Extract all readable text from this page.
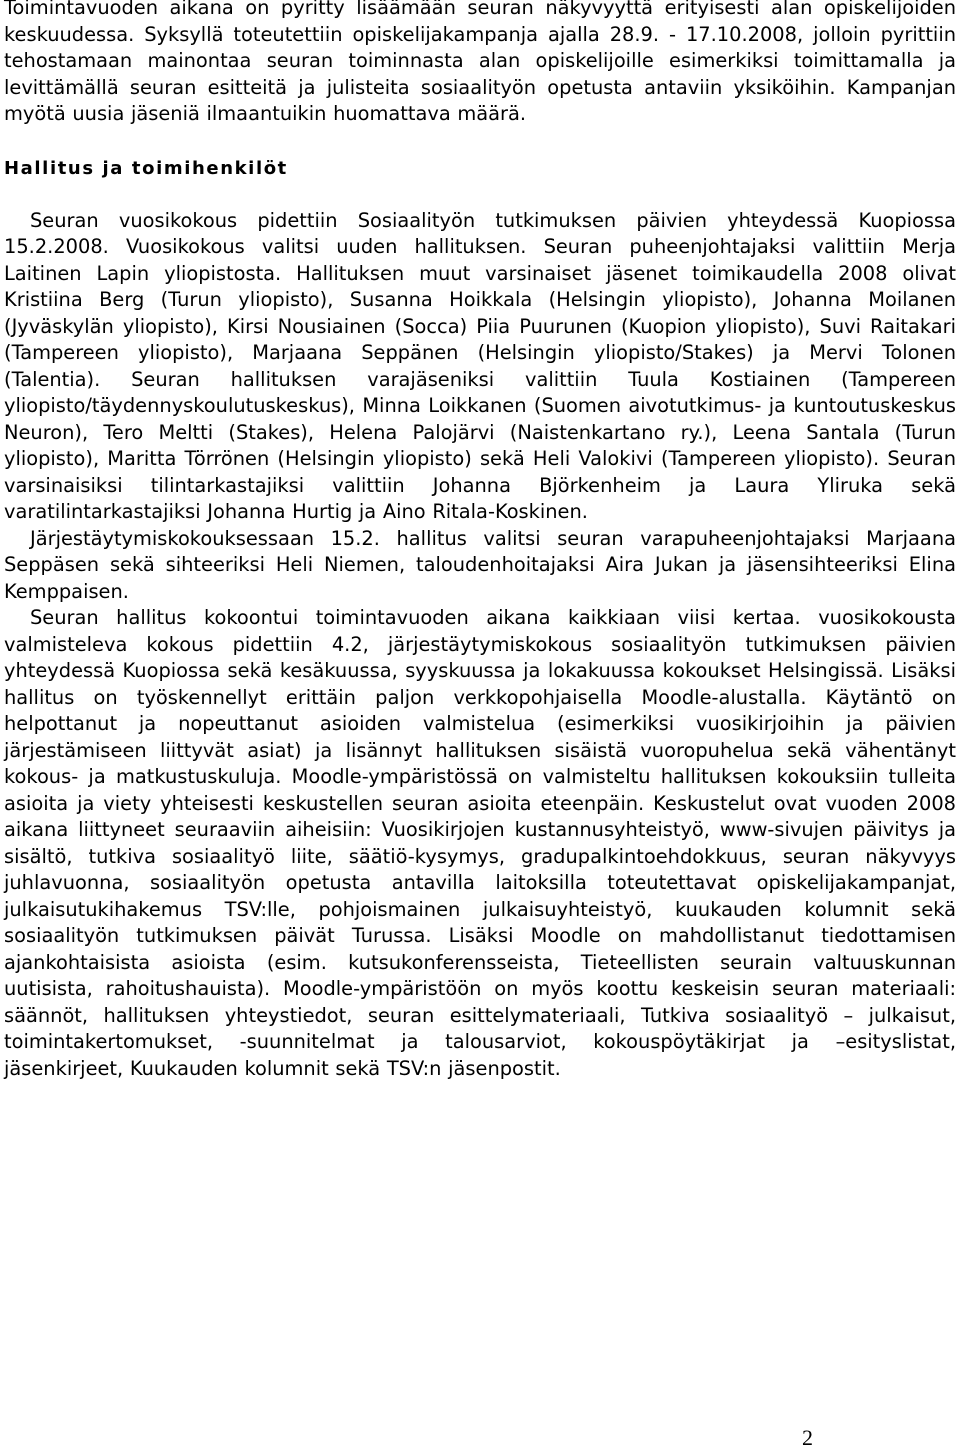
Toimintavuoden aikana on pyritty lisäämään seuran näkyvyyttä erityisesti alan opiskelijoiden keskuudessa. Syksyllä toteutettiin opiskelijakampanja ajalla 28.9. - 17.10.2008, jolloin pyrittiin tehostamaan mainontaa seuran toiminnasta alan opiskelijoille esimerkiksi toimittamalla ja levittämällä seuran esitteitä ja julisteita sosiaalityön opetusta antaviin yksiköihin. Kampanjan myötä uusia jäseniä ilmaantuikin huomattava määrä.

Hallitus ja toimihenkilöt

Seuran vuosikokous pidettiin Sosiaalityön tutkimuksen päivien yhteydessä Kuopiossa 15.2.2008. Vuosikokous valitsi uuden hallituksen. Seuran puheenjohtajaksi valittiin Merja Laitinen Lapin yliopistosta. Hallituksen muut varsinaiset jäsenet toimikaudella 2008 olivat Kristiina Berg (Turun yliopisto), Susanna Hoikkala (Helsingin yliopisto), Johanna Moilanen (Jyväskylän yliopisto), Kirsi Nousiainen (Socca) Piia Puurunen (Kuopion yliopisto), Suvi Raitakari (Tampereen yliopisto), Marjaana Seppänen (Helsingin yliopisto/Stakes) ja Mervi Tolonen (Talentia). Seuran hallituksen varajäseniksi valittiin Tuula Kostiainen (Tampereen yliopisto/täydennyskoulutuskeskus), Minna Loikkanen (Suomen aivotutkimus- ja kuntoutuskeskus Neuron), Tero Meltti (Stakes), Helena Palojärvi (Naistenkartano ry.), Leena Santala (Turun yliopisto), Maritta Törrönen (Helsingin yliopisto) sekä Heli Valokivi (Tampereen yliopisto). Seuran varsinaisiksi tilintarkastajiksi valittiin Johanna Björkenheim ja Laura Yliruka sekä varatilintarkastajiksi Johanna Hurtig ja Aino Ritala-Koskinen.

Järjestäytymiskokouksessaan 15.2. hallitus valitsi seuran varapuheenjohtajaksi Marjaana Seppäsen sekä sihteeriksi Heli Niemen, taloudenhoitajaksi Aira Jukan ja jäsensihteeriksi Elina Kemppaisen.

Seuran hallitus kokoontui toimintavuoden aikana kaikkiaan viisi kertaa. vuosikokousta valmisteleva kokous pidettiin 4.2, järjestäytymiskokous sosiaalityön tutkimuksen päivien yhteydessä Kuopiossa sekä kesäkuussa, syyskuussa ja lokakuussa kokoukset Helsingissä. Lisäksi hallitus on työskennellyt erittäin paljon verkkopohjaisella Moodle-alustalla. Käytäntö on helpottanut ja nopeuttanut asioiden valmistelua (esimerkiksi vuosikirjoihin ja päivien järjestämiseen liittyvät asiat) ja lisännyt hallituksen sisäistä vuoropuhelua sekä vähentänyt kokous- ja matkustuskuluja. Moodle-ympäristössä on valmisteltu hallituksen kokouksiin tulleita asioita ja viety yhteisesti keskustellen seuran asioita eteenpäin. Keskustelut ovat vuoden 2008 aikana liittyneet seuraaviin aiheisiin: Vuosikirjojen kustannusyhteistyö, www-sivujen päivitys ja sisältö, tutkiva sosiaalityö liite, säätiö-kysymys, gradupalkintoehdokkuus, seuran näkyvyys juhlavuonna, sosiaalityön opetusta antavilla laitoksilla toteutettavat opiskelijakampanjat, julkaisutukihakemus TSV:lle, pohjoismainen julkaisuyhteistyö, kuukauden kolumnit sekä sosiaalityön tutkimuksen päivät Turussa. Lisäksi Moodle on mahdollistanut tiedottamisen ajankohtaisista asioista (esim. kutsukonferensseista, Tieteellisten seurain valtuuskunnan uutisista, rahoitushauista). Moodle-ympäristöön on myös koottu keskeisin seuran materiaali: säännöt, hallituksen yhteystiedot, seuran esittelymateriaali, Tutkiva sosiaalityö – julkaisut, toimintakertomukset, -suunnitelmat ja talousarviot, kokouspöytäkirjat ja –esityslistat, jäsenkirjeet, Kuukauden kolumnit sekä TSV:n jäsenpostit.

2
